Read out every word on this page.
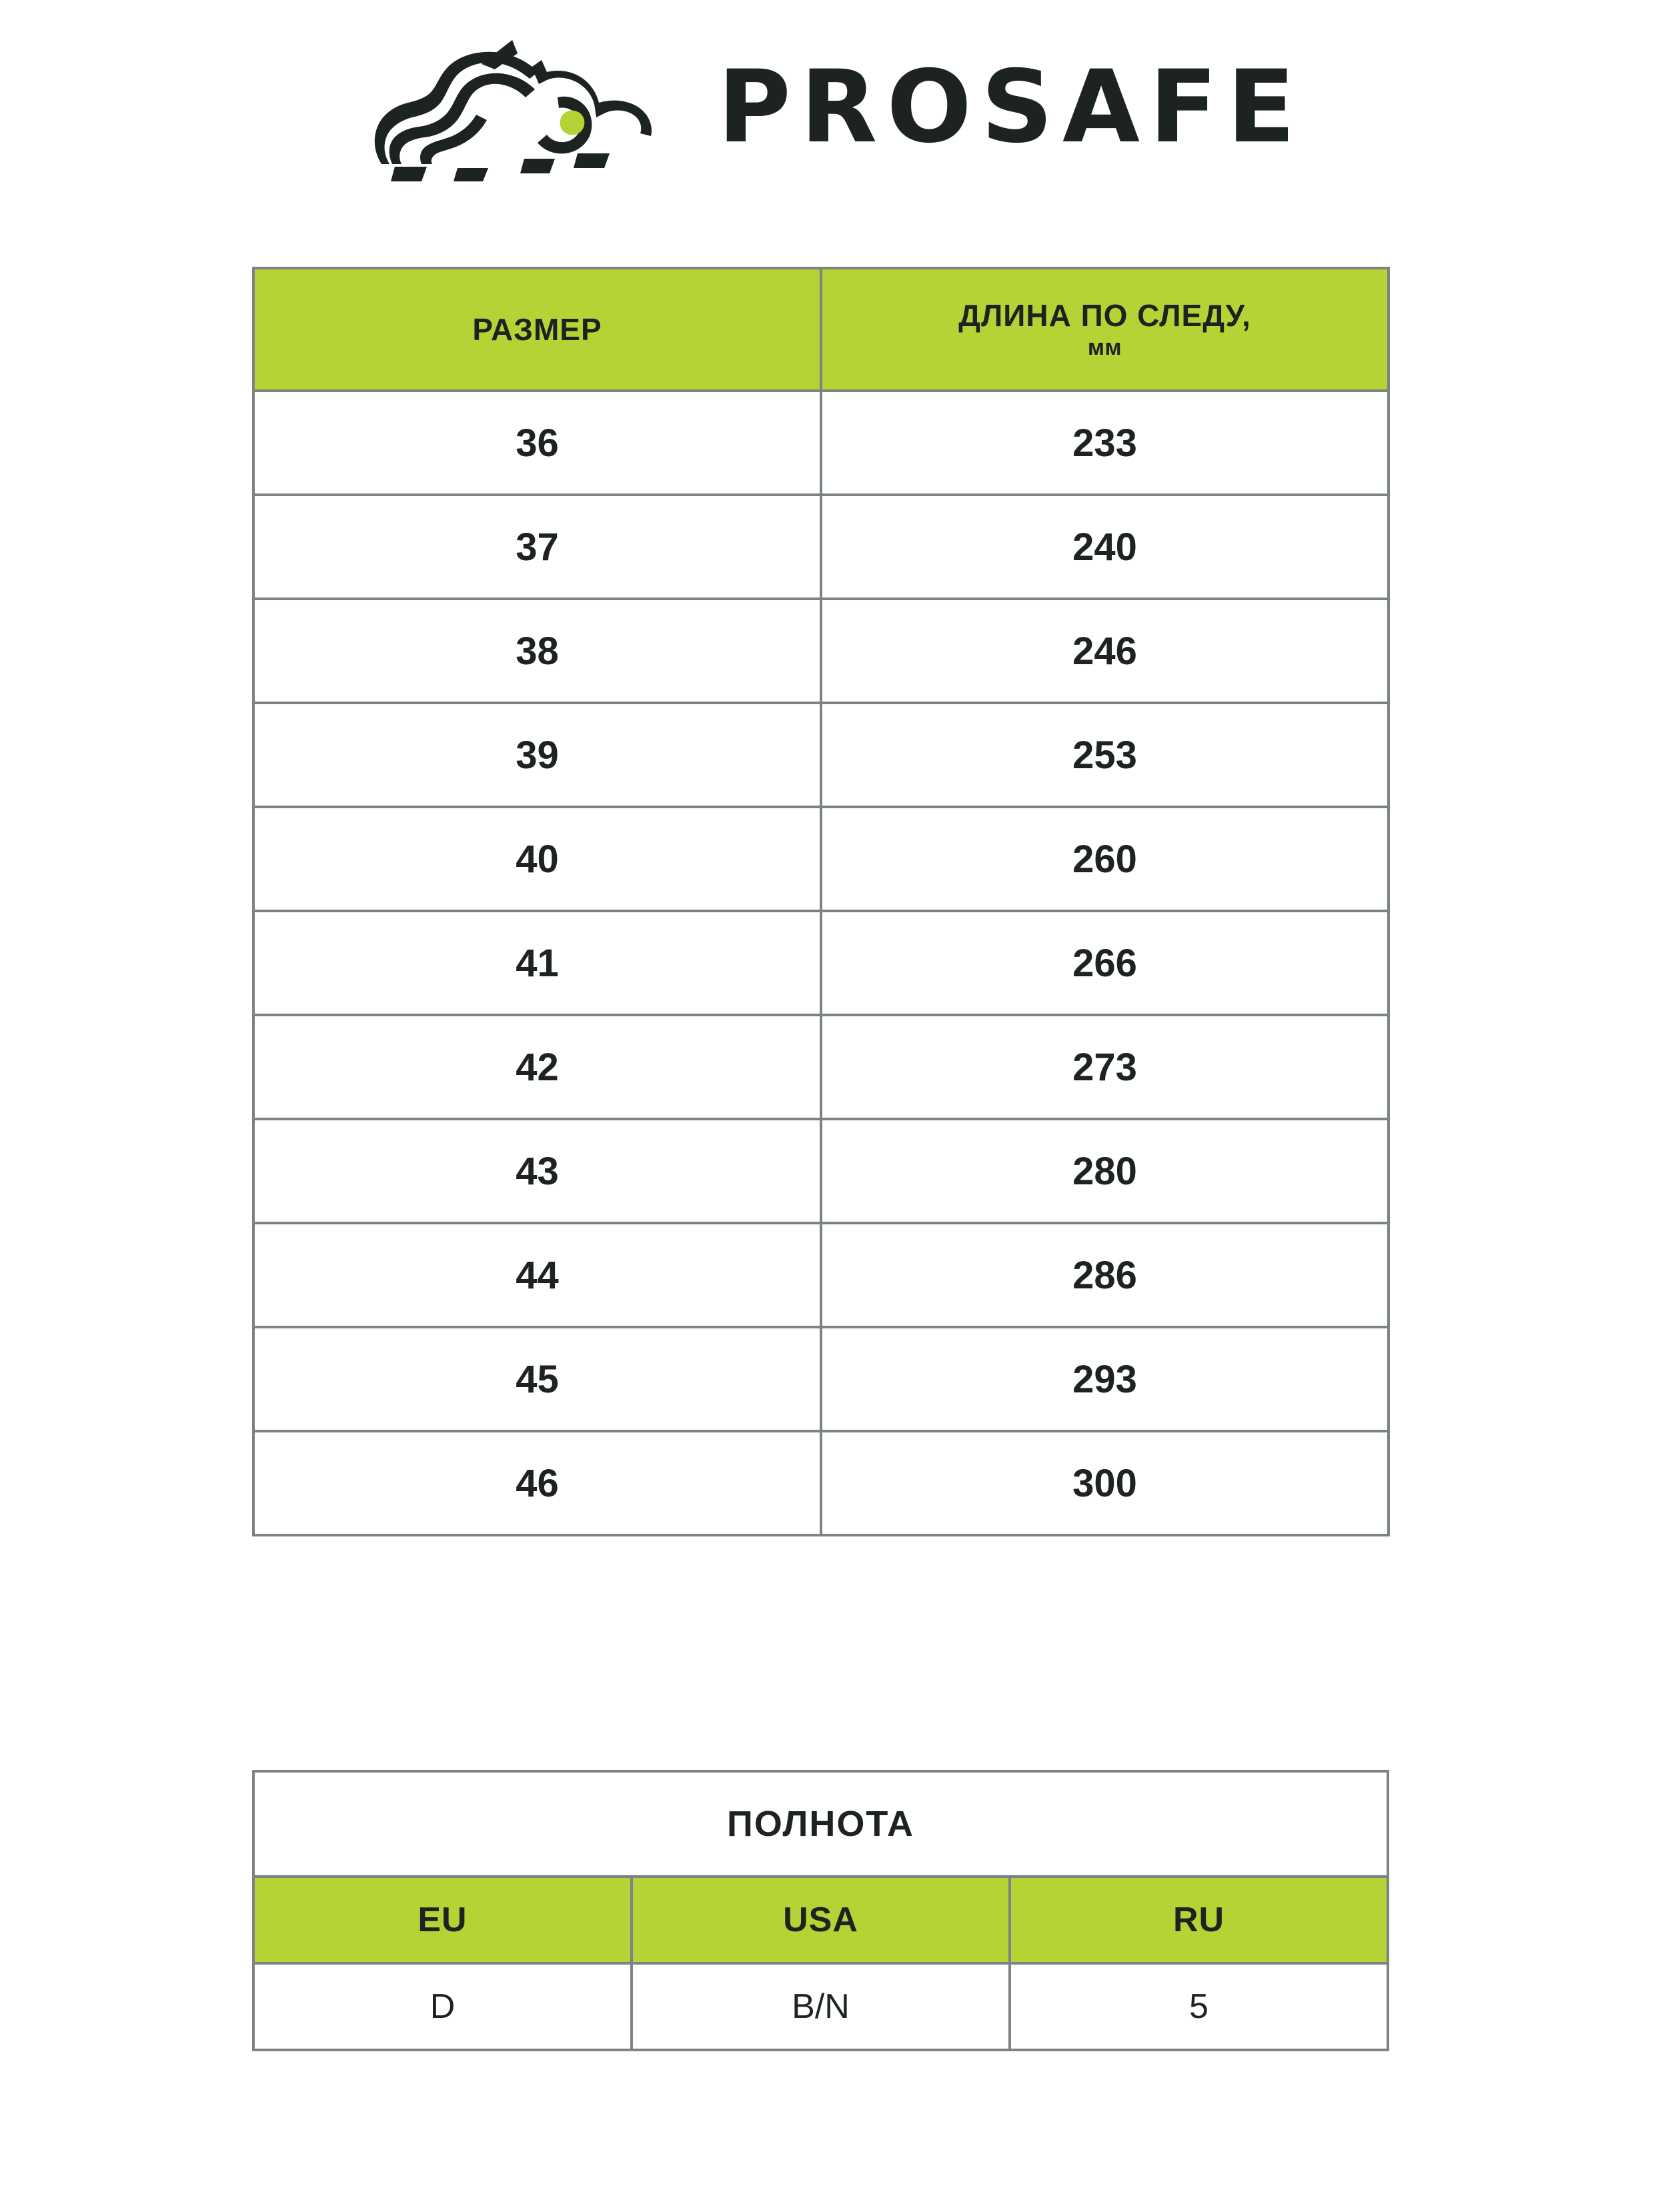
PROSAFE
РАЗМЕР	ДЛИНА ПО СЛЕДУ,
мм

36	233
37	240
38	246
39	253
40	260
41	266
42	273
43	280
44	286
45	293
46	300
ПОЛНОТА		
EU	USA	RU
D	B/N	5
